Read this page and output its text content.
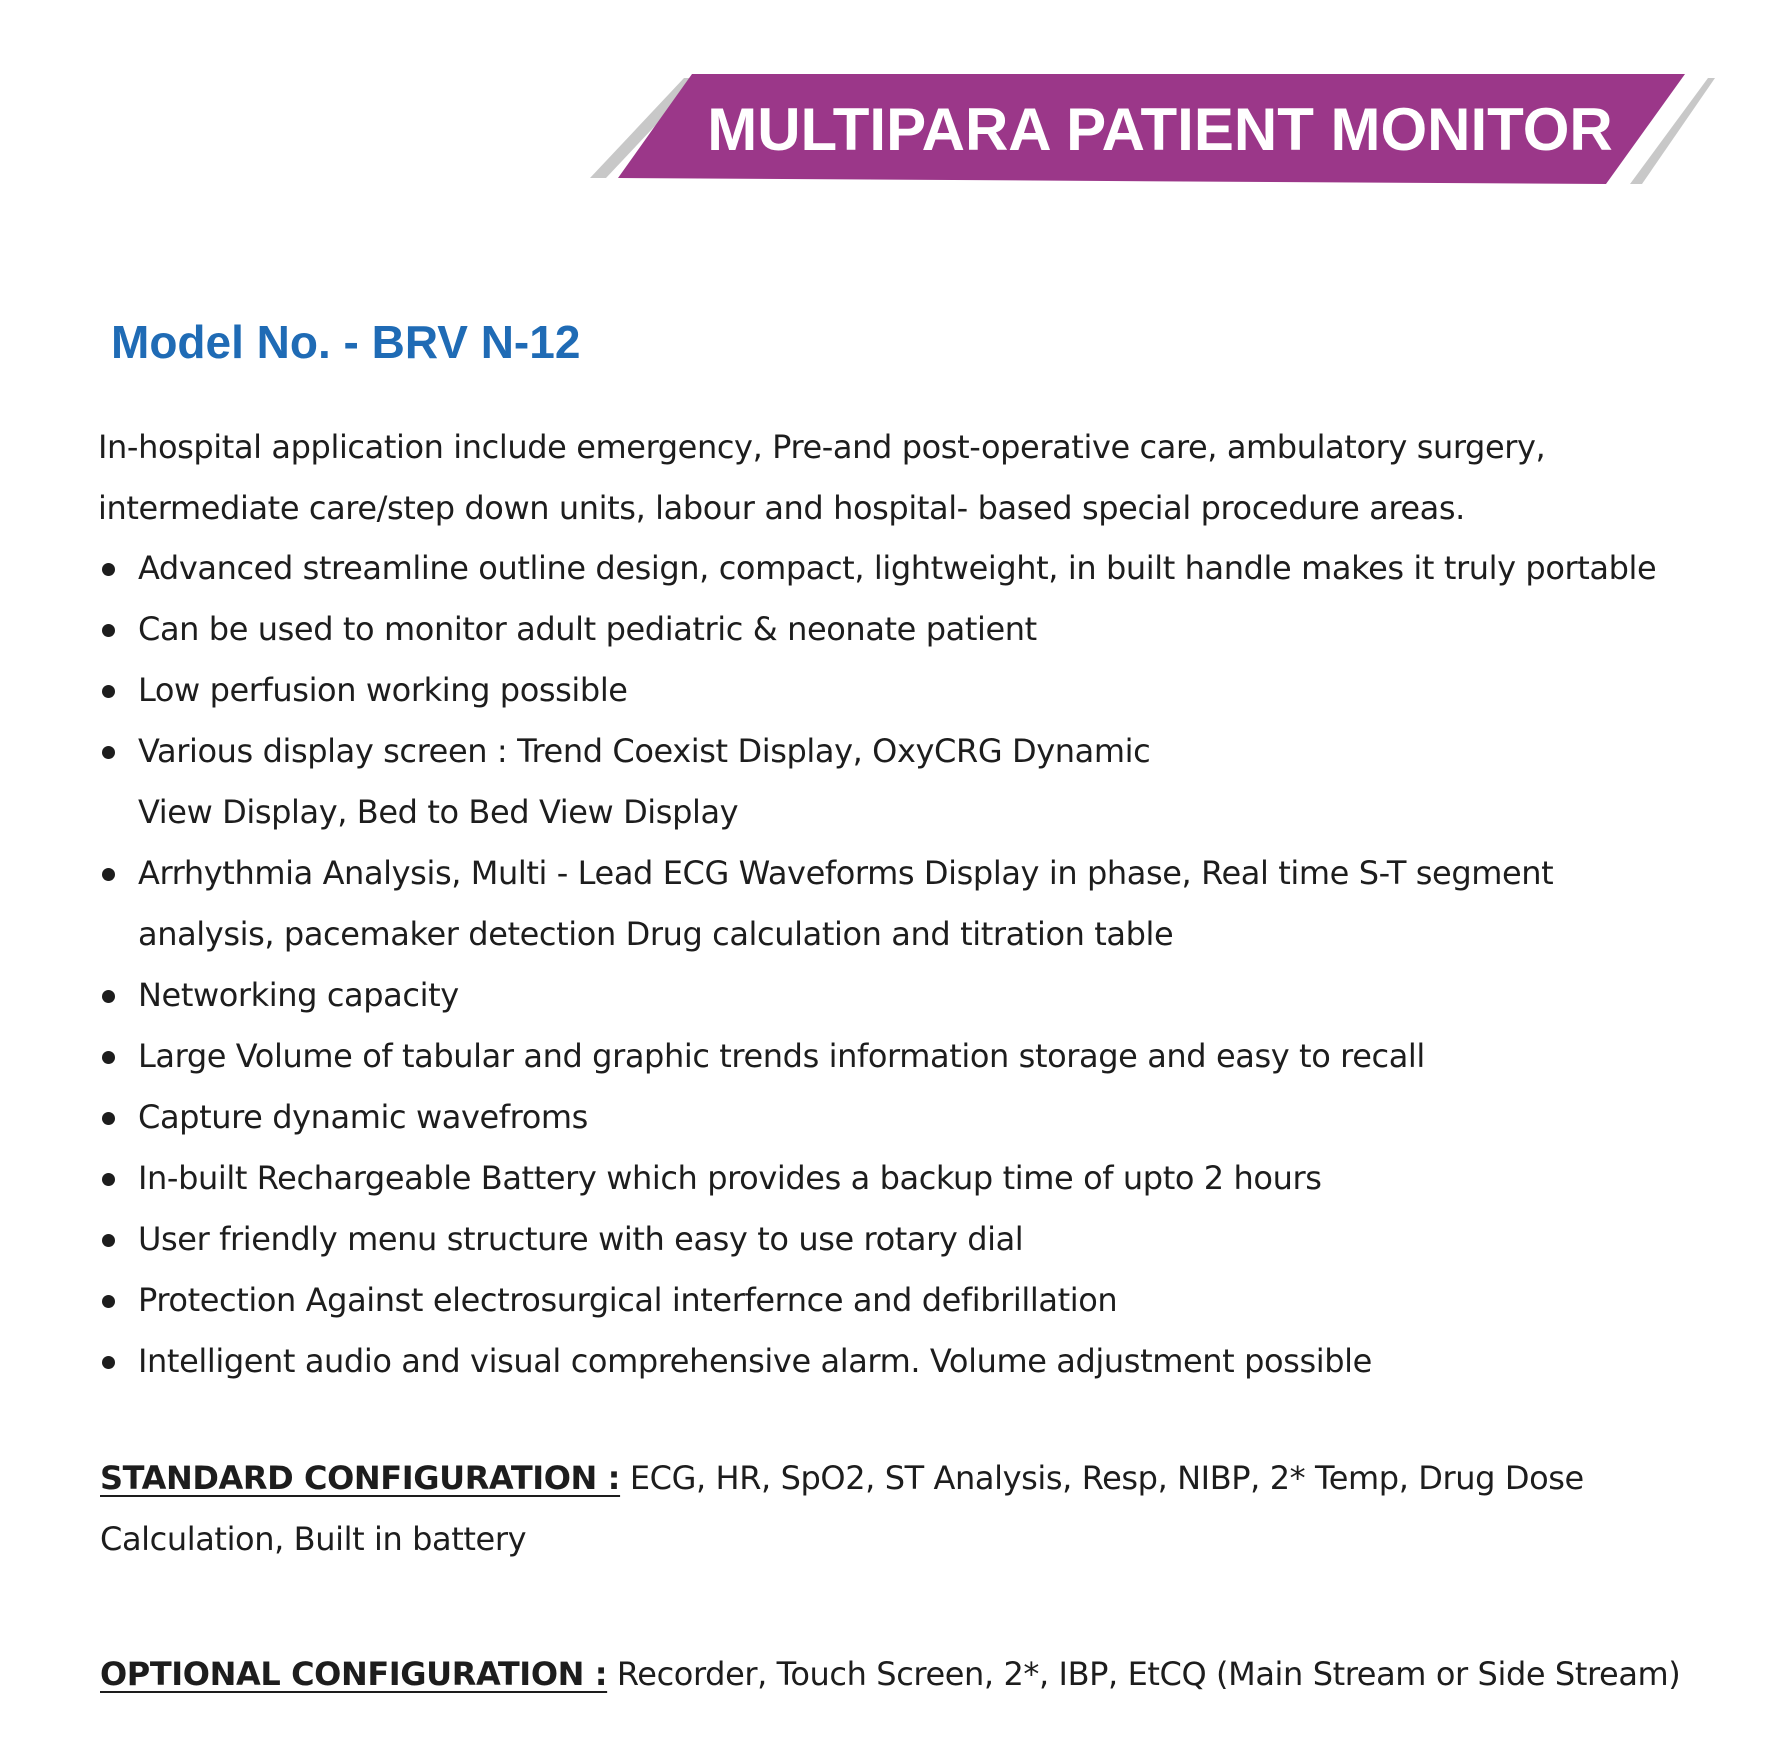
MULTIPARA PATIENT MONITOR
Model No. - BRV N-12

In-hospital application include emergency, Pre-and post-operative care, ambulatory surgery, intermediate care/step down units, labour and hospital- based special procedure areas.

Advanced streamline outline design, compact, lightweight, in built handle makes it truly portable
Can be used to monitor adult pediatric & neonate patient
Low perfusion working possible
Various display screen : Trend Coexist Display, OxyCRG Dynamic View Display, Bed to Bed View Display
Arrhythmia Analysis, Multi - Lead ECG Waveforms Display in phase, Real time S-T segment analysis, pacemaker detection Drug calculation and titration table
Networking capacity
Large Volume of tabular and graphic trends information storage and easy to recall
Capture dynamic wavefroms
In-built Rechargeable Battery which provides a backup time of upto 2 hours
User friendly menu structure with easy to use rotary dial
Protection Against electrosurgical interfernce and defibrillation
Intelligent audio and visual comprehensive alarm. Volume adjustment possible

STANDARD CONFIGURATION : ECG, HR, SpO2, ST Analysis, Resp, NIBP, 2* Temp, Drug Dose Calculation, Built in battery

OPTIONAL CONFIGURATION : Recorder, Touch Screen, 2*, IBP, EtCQ (Main Stream or Side Stream)
